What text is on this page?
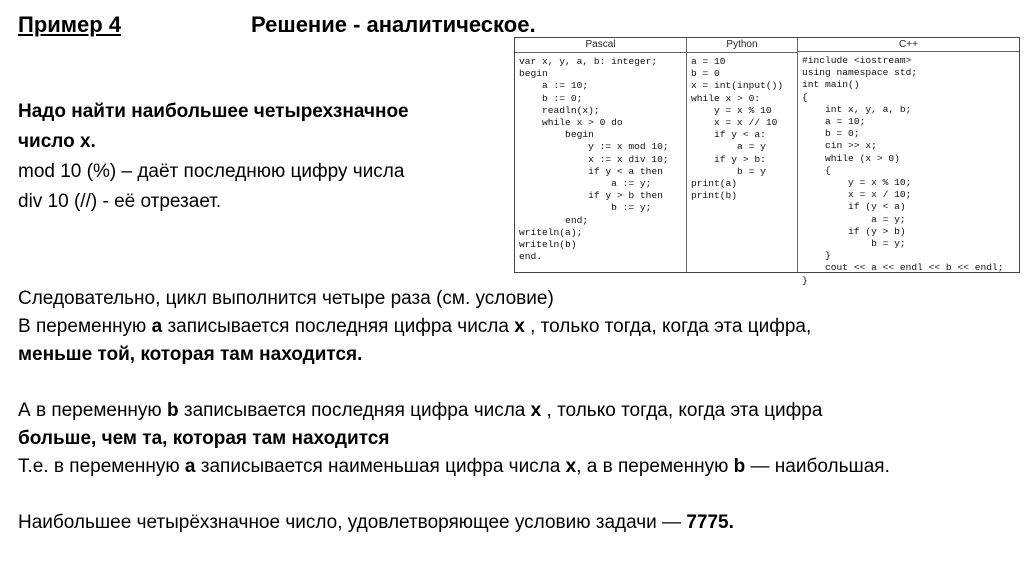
Пример 4	Решение - аналитическое.
Надо найти наибольшее четырехзначное
число x.
mod 10 (%) – даёт последнюю цифру числа
div 10 (//) - её отрезает.
Pascal
var x, y, a, b: integer;
begin
a := 10;
b := 0;
readln(x);
while x > 0 do
begin
y := x mod 10;
x := x div 10;
if y < a then
a := y;
if y > b then
b := y;
end;
writeln(a);
writeln(b)
end.
Python
a = 10
b = 0
x = int(input())
while x > 0:
y = x % 10
x = x // 10
if y < a:
a = y
if y > b:
b = y
print(a)
print(b)
C++
#include <iostream>
using namespace std;
int main()
{
int x, y, a, b;
a = 10;
b = 0;
cin >> x;
while (x > 0)
{
y = x % 10;
x = x / 10;
if (y < a)
a = y;
if (y > b)
b = y;
}
cout << a << endl << b << endl;
}
Следовательно, цикл выполнится четыре раза (см. условие)
В переменную a записывается последняя цифра числа x , только тогда, когда эта цифра,
меньше той, которая там находится.
А в переменную b записывается последняя цифра числа x , только тогда, когда эта цифра
больше, чем та, которая там находится
Т.е. в переменную a записывается наименьшая цифра числа x, а в переменную b — наибольшая.
Наибольшее четырёхзначное число, удовлетворяющее условию задачи — 7775.
